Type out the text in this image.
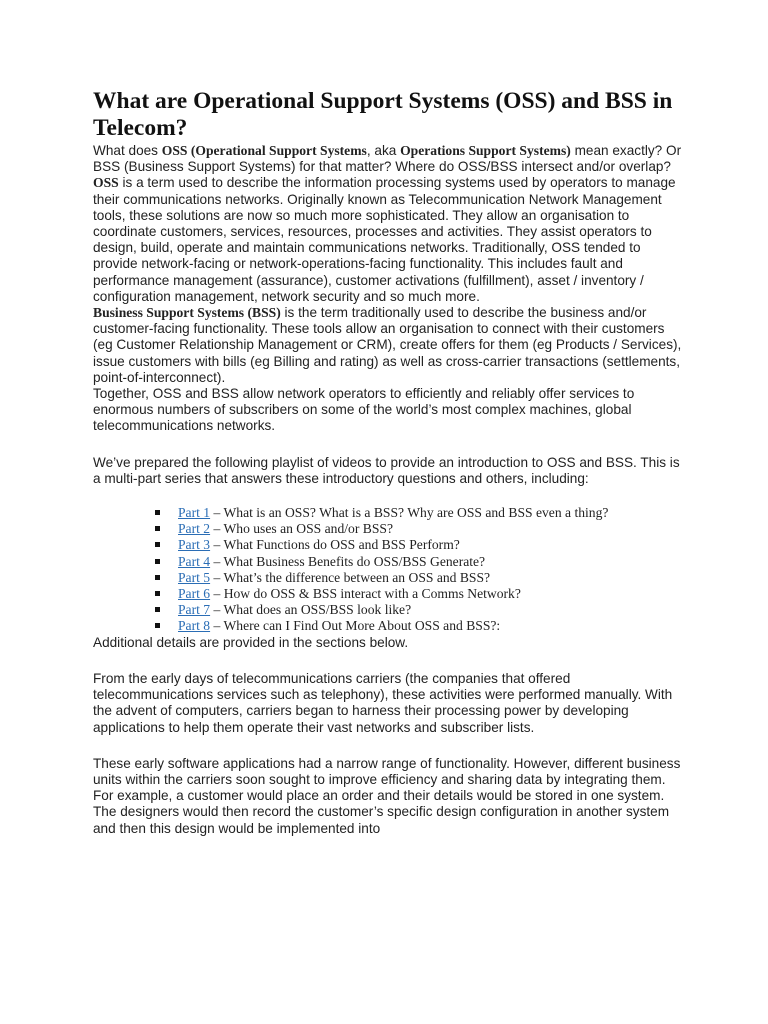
What are Operational Support Systems (OSS) and BSS in Telecom?

What does OSS (Operational Support Systems, aka Operations Support Systems) mean exactly? Or BSS (Business Support Systems) for that matter? Where do OSS/BSS intersect and/or overlap?

OSS is a term used to describe the information processing systems used by operators to manage their communications networks. Originally known as Telecommunication Network Management tools, these solutions are now so much more sophisticated. They allow an organisation to coordinate customers, services, resources, processes and activities. They assist operators to design, build, operate and maintain communications networks. Traditionally, OSS tended to provide network-facing or network-operations-facing functionality. This includes fault and performance management (assurance), customer activations (fulfillment), asset / inventory / configuration management, network security and so much more.

Business Support Systems (BSS) is the term traditionally used to describe the business and/or customer-facing functionality. These tools allow an organisation to connect with their customers (eg Customer Relationship Management or CRM), create offers for them (eg Products / Services), issue customers with bills (eg Billing and rating) as well as cross-carrier transactions (settlements, point-of-interconnect).

Together, OSS and BSS allow network operators to efficiently and reliably offer services to enormous numbers of subscribers on some of the world’s most complex machines, global telecommunications networks.

We’ve prepared the following playlist of videos to provide an introduction to OSS and BSS. This is a multi-part series that answers these introductory questions and others, including:

Part 1 – What is an OSS? What is a BSS? Why are OSS and BSS even a thing?
Part 2 – Who uses an OSS and/or BSS?
Part 3 – What Functions do OSS and BSS Perform?
Part 4 – What Business Benefits do OSS/BSS Generate?
Part 5 – What’s the difference between an OSS and BSS?
Part 6 – How do OSS & BSS interact with a Comms Network?
Part 7 – What does an OSS/BSS look like?
Part 8 – Where can I Find Out More About OSS and BSS?:

Additional details are provided in the sections below.

From the early days of telecommunications carriers (the companies that offered telecommunications services such as telephony), these activities were performed manually. With the advent of computers, carriers began to harness their processing power by developing applications to help them operate their vast networks and subscriber lists.

These early software applications had a narrow range of functionality. However, different business units within the carriers soon sought to improve efficiency and sharing data by integrating them. For example, a customer would place an order and their details would be stored in one system. The designers would then record the customer’s specific design configuration in another system and then this design would be implemented into
